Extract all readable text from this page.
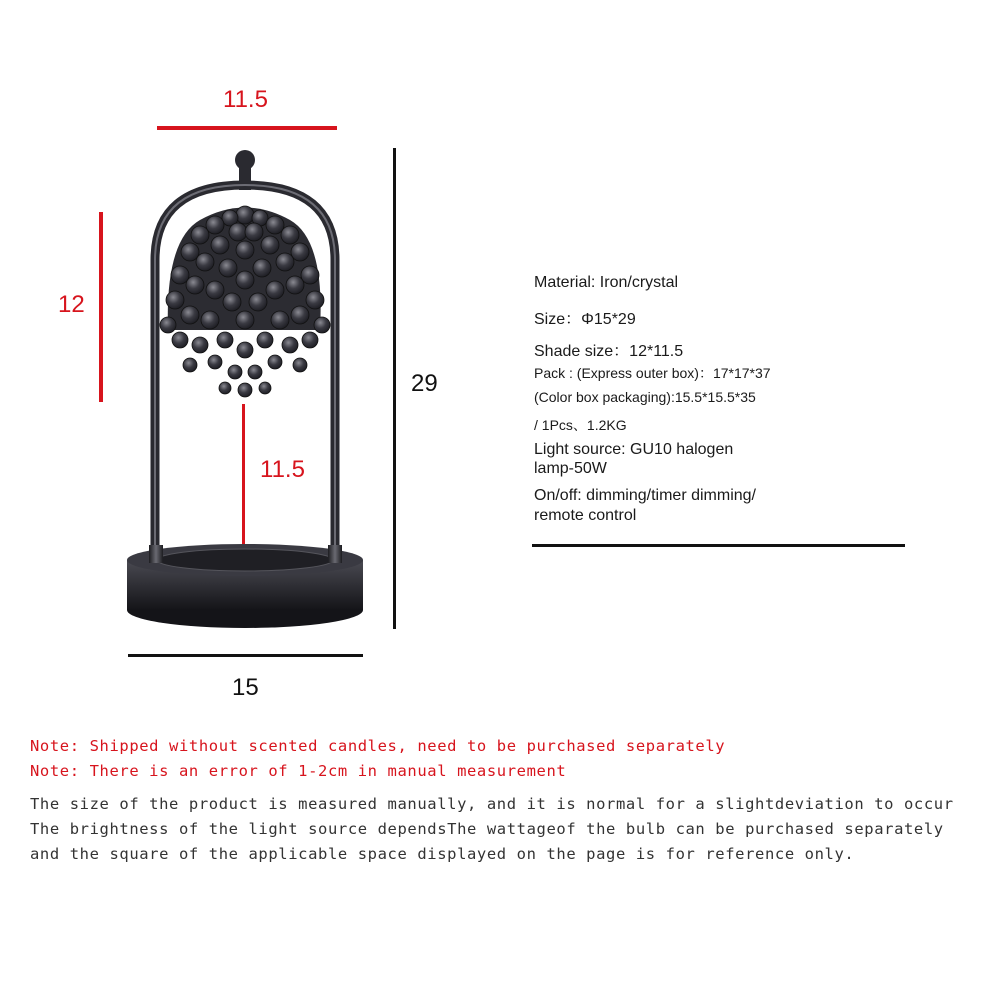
11.5
12
11.5
29
15
Material: Iron/crystal
Size：Φ15*29
Shade size：12*11.5
Pack : (Express outer box)：17*17*37
(Color box packaging):15.5*15.5*35
/ 1Pcs、1.2KG
Light source: GU10 halogen
lamp-50W
On/off: dimming/timer dimming/
remote control
Note: Shipped without scented candles, need to be purchased separately
Note: There is an error of 1-2cm in manual measurement
The size of the product is measured manually, and it is normal for a slightdeviation to occur
The brightness of the light source dependsThe wattageof the bulb can be purchased separately
and the square of the applicable space displayed on the page is for reference only.
